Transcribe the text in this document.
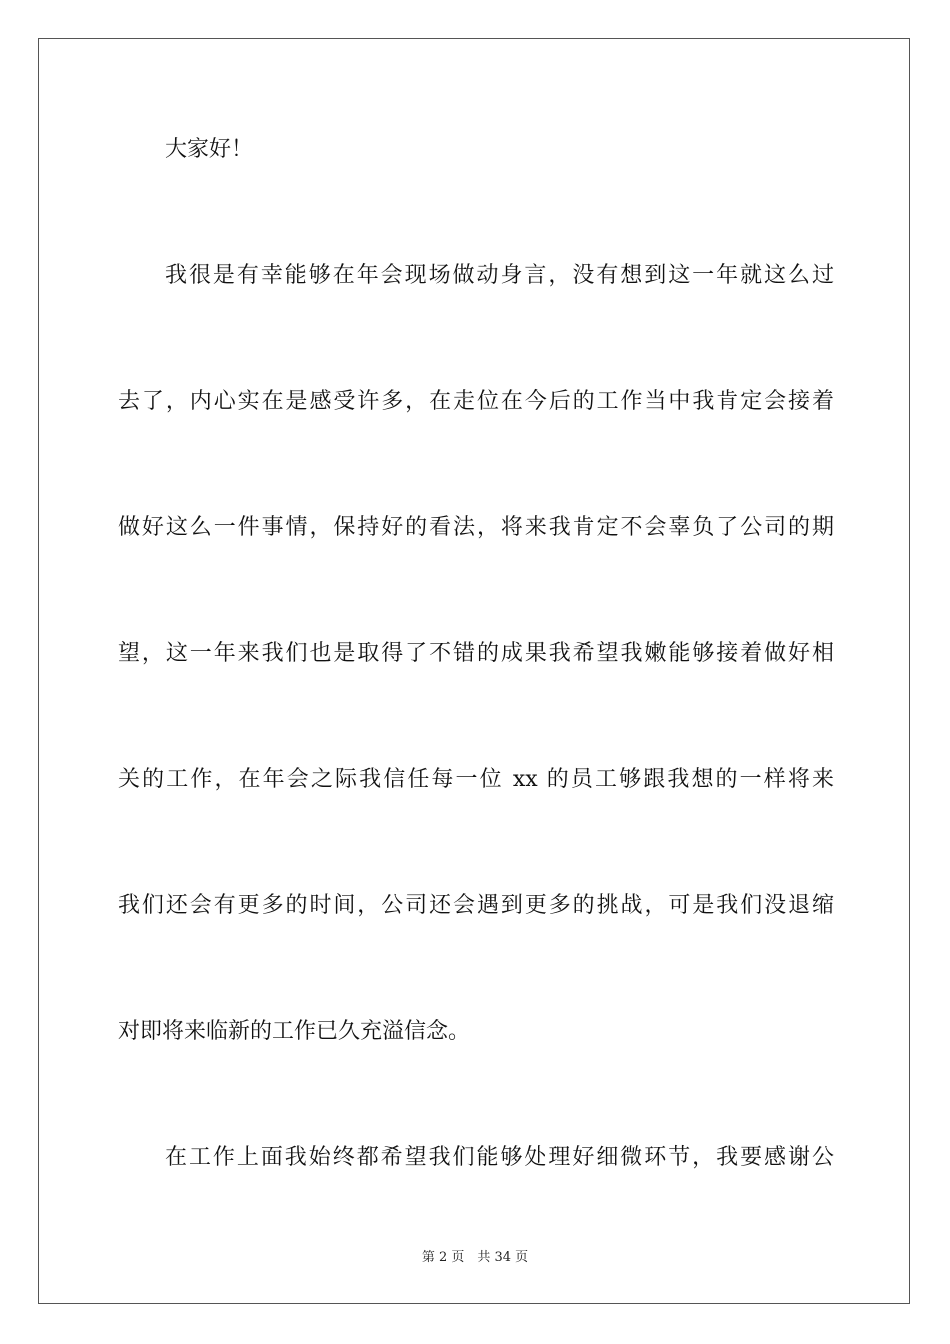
大家好！
我很是有幸能够在年会现场做动身言，没有想到这一年就这么过
去了，内心实在是感受许多，在走位在今后的工作当中我肯定会接着
做好这么一件事情，保持好的看法，将来我肯定不会辜负了公司的期
望，这一年来我们也是取得了不错的成果我希望我嫩能够接着做好相
关的工作，在年会之际我信任每一位 xx 的员工够跟我想的一样将来
我们还会有更多的时间，公司还会遇到更多的挑战，可是我们没退缩
对即将来临新的工作已久充溢信念。
在工作上面我始终都希望我们能够处理好细微环节，我要感谢公
第 2 页　共 34 页
